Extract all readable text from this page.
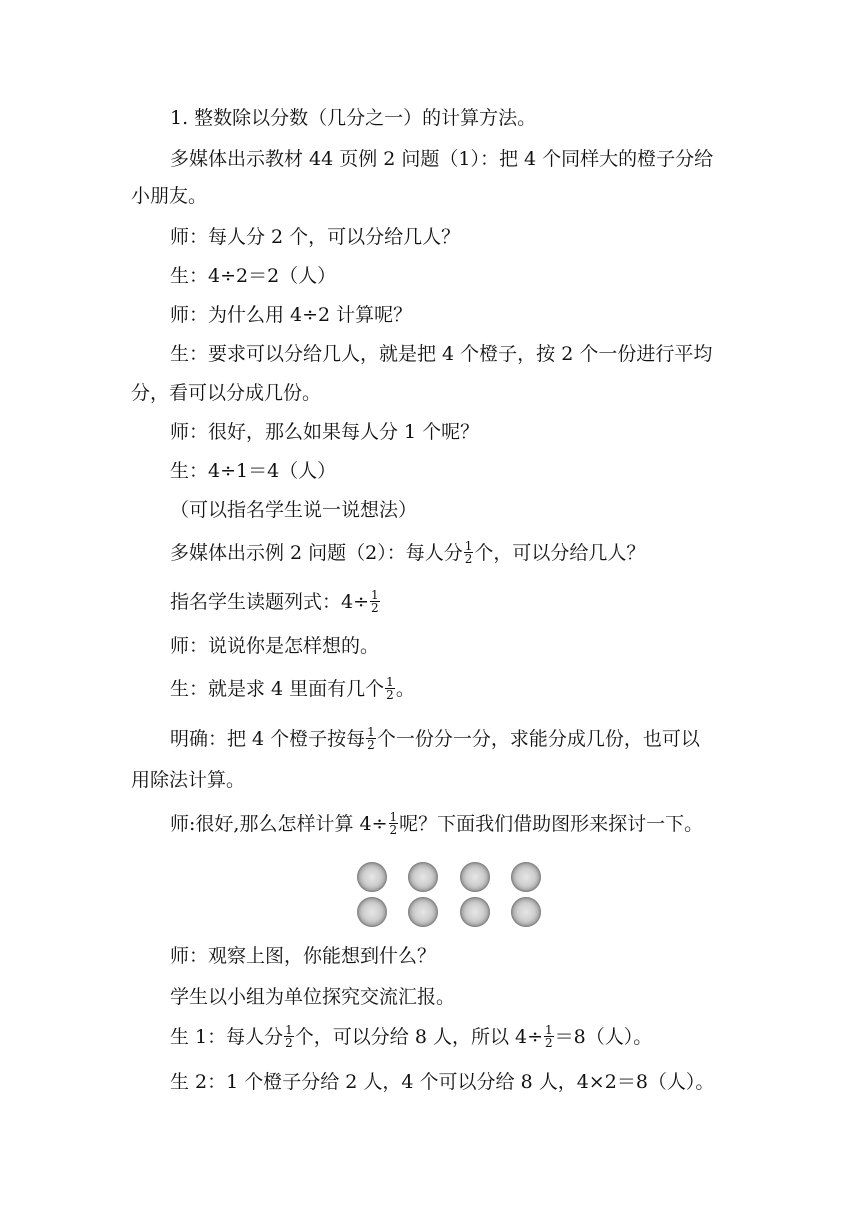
1. 整数除以分数（几分之一）的计算方法。
多媒体出示教材 44 页例 2 问题（1）：把 4 个同样大的橙子分给
小朋友。
师：每人分 2 个，可以分给几人？
生：4÷2＝2（人）
师：为什么用 4÷2 计算呢？
生：要求可以分给几人，就是把 4 个橙子，按 2 个一份进行平均
分，看可以分成几份。
师：很好，那么如果每人分 1 个呢？
生：4÷1＝4（人）
（可以指名学生说一说想法）
多媒体出示例 2 问题（2）：每人分 $\frac{1}{2}$ 个，可以分给几人？
指名学生读题列式：$4\div \frac{1}{2}$
师：说说你是怎样想的。
生：就是求 4 里面有几个 $\frac{1}{2}$ 。
明确：把 4 个橙子按每 $\frac{1}{2}$ 个一份分一分，求能分成几份，也可以
用除法计算。
师:很好,那么怎样计算 $4\div \frac{1}{2}$ 呢？下面我们借助图形来探讨一下。
师：观察上图，你能想到什么？
学生以小组为单位探究交流汇报。
生 1：每人分 $\frac{1}{2}$ 个，可以分给 8 人，所以 $4\div \frac{1}{2} =8$（人）。
生 2：1 个橙子分给 2 人，4 个可以分给 8 人，4×2＝8（人）。
